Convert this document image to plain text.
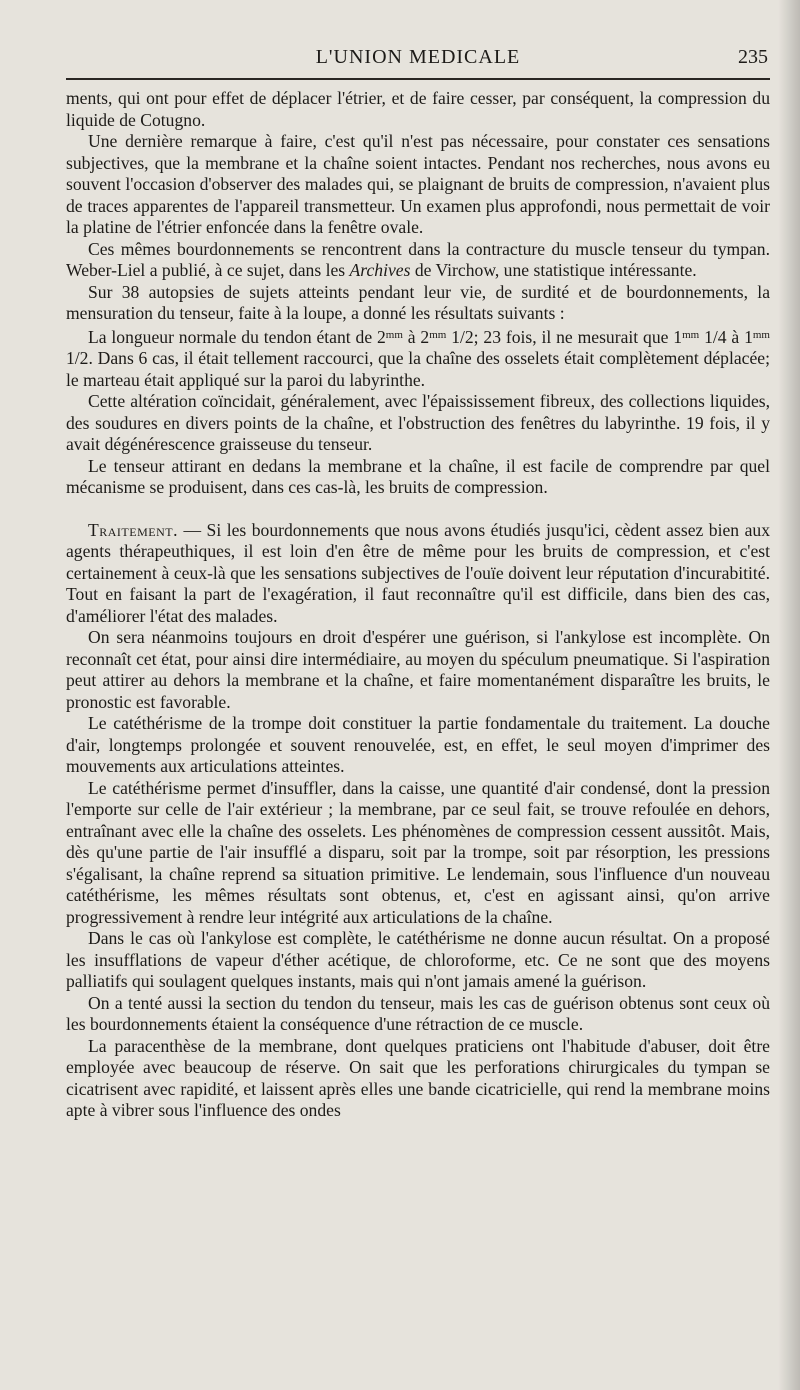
L'UNION MEDICALE	235

ments, qui ont pour effet de déplacer l'étrier, et de faire cesser, par conséquent, la compression du liquide de Cotugno.

Une dernière remarque à faire, c'est qu'il n'est pas nécessaire, pour constater ces sensations subjectives, que la membrane et la chaîne soient intactes. Pendant nos recherches, nous avons eu souvent l'occasion d'observer des malades qui, se plaignant de bruits de compression, n'avaient plus de traces apparentes de l'appareil transmetteur. Un examen plus approfondi, nous permettait de voir la platine de l'étrier enfoncée dans la fenêtre ovale.

Ces mêmes bourdonnements se rencontrent dans la contracture du muscle tenseur du tympan. Weber-Liel a publié, à ce sujet, dans les Archives de Virchow, une statistique intéressante.

Sur 38 autopsies de sujets atteints pendant leur vie, de surdité et de bourdonnements, la mensuration du tenseur, faite à la loupe, a donné les résultats suivants :

La longueur normale du tendon étant de $2^{mm}$ à $2^{mm}$ 1/2; 23 fois, il ne mesurait que $1^{mm}$ 1/4 à $1^{mm}$ 1/2. Dans 6 cas, il était tellement raccourci, que la chaîne des osselets était complètement déplacée; le marteau était appliqué sur la paroi du labyrinthe.

Cette altération coïncidait, généralement, avec l'épaississement fibreux, des collections liquides, des soudures en divers points de la chaîne, et l'obstruction des fenêtres du labyrinthe. 19 fois, il y avait dégénérescence graisseuse du tenseur.

Le tenseur attirant en dedans la membrane et la chaîne, il est facile de comprendre par quel mécanisme se produisent, dans ces cas-là, les bruits de compression.

Traitement. — Si les bourdonnements que nous avons étudiés jusqu'ici, cèdent assez bien aux agents thérapeuthiques, il est loin d'en être de même pour les bruits de compression, et c'est certainement à ceux-là que les sensations subjectives de l'ouïe doivent leur réputation d'incurabitité. Tout en faisant la part de l'exagération, il faut reconnaître qu'il est difficile, dans bien des cas, d'améliorer l'état des malades.

On sera néanmoins toujours en droit d'espérer une guérison, si l'ankylose est incomplète. On reconnaît cet état, pour ainsi dire intermédiaire, au moyen du spéculum pneumatique. Si l'aspiration peut attirer au dehors la membrane et la chaîne, et faire momentanément disparaître les bruits, le pronostic est favorable.

Le catéthérisme de la trompe doit constituer la partie fondamentale du traitement. La douche d'air, longtemps prolongée et souvent renouvelée, est, en effet, le seul moyen d'imprimer des mouvements aux articulations atteintes.

Le catéthérisme permet d'insuffler, dans la caisse, une quantité d'air condensé, dont la pression l'emporte sur celle de l'air extérieur ; la membrane, par ce seul fait, se trouve refoulée en dehors, entraînant avec elle la chaîne des osselets. Les phénomènes de compression cessent aussitôt. Mais, dès qu'une partie de l'air insufflé a disparu, soit par la trompe, soit par résorption, les pressions s'égalisant, la chaîne reprend sa situation primitive. Le lendemain, sous l'influence d'un nouveau catéthérisme, les mêmes résultats sont obtenus, et, c'est en agissant ainsi, qu'on arrive progressivement à rendre leur intégrité aux articulations de la chaîne.

Dans le cas où l'ankylose est complète, le catéthérisme ne donne aucun résultat. On a proposé les insufflations de vapeur d'éther acétique, de chloroforme, etc. Ce ne sont que des moyens palliatifs qui soulagent quelques instants, mais qui n'ont jamais amené la guérison.

On a tenté aussi la section du tendon du tenseur, mais les cas de guérison obtenus sont ceux où les bourdonnements étaient la conséquence d'une rétraction de ce muscle.

La paracenthèse de la membrane, dont quelques praticiens ont l'habitude d'abuser, doit être employée avec beaucoup de réserve. On sait que les perforations chirurgicales du tympan se cicatrisent avec rapidité, et laissent après elles une bande cicatricielle, qui rend la membrane moins apte à vibrer sous l'influence des ondes
